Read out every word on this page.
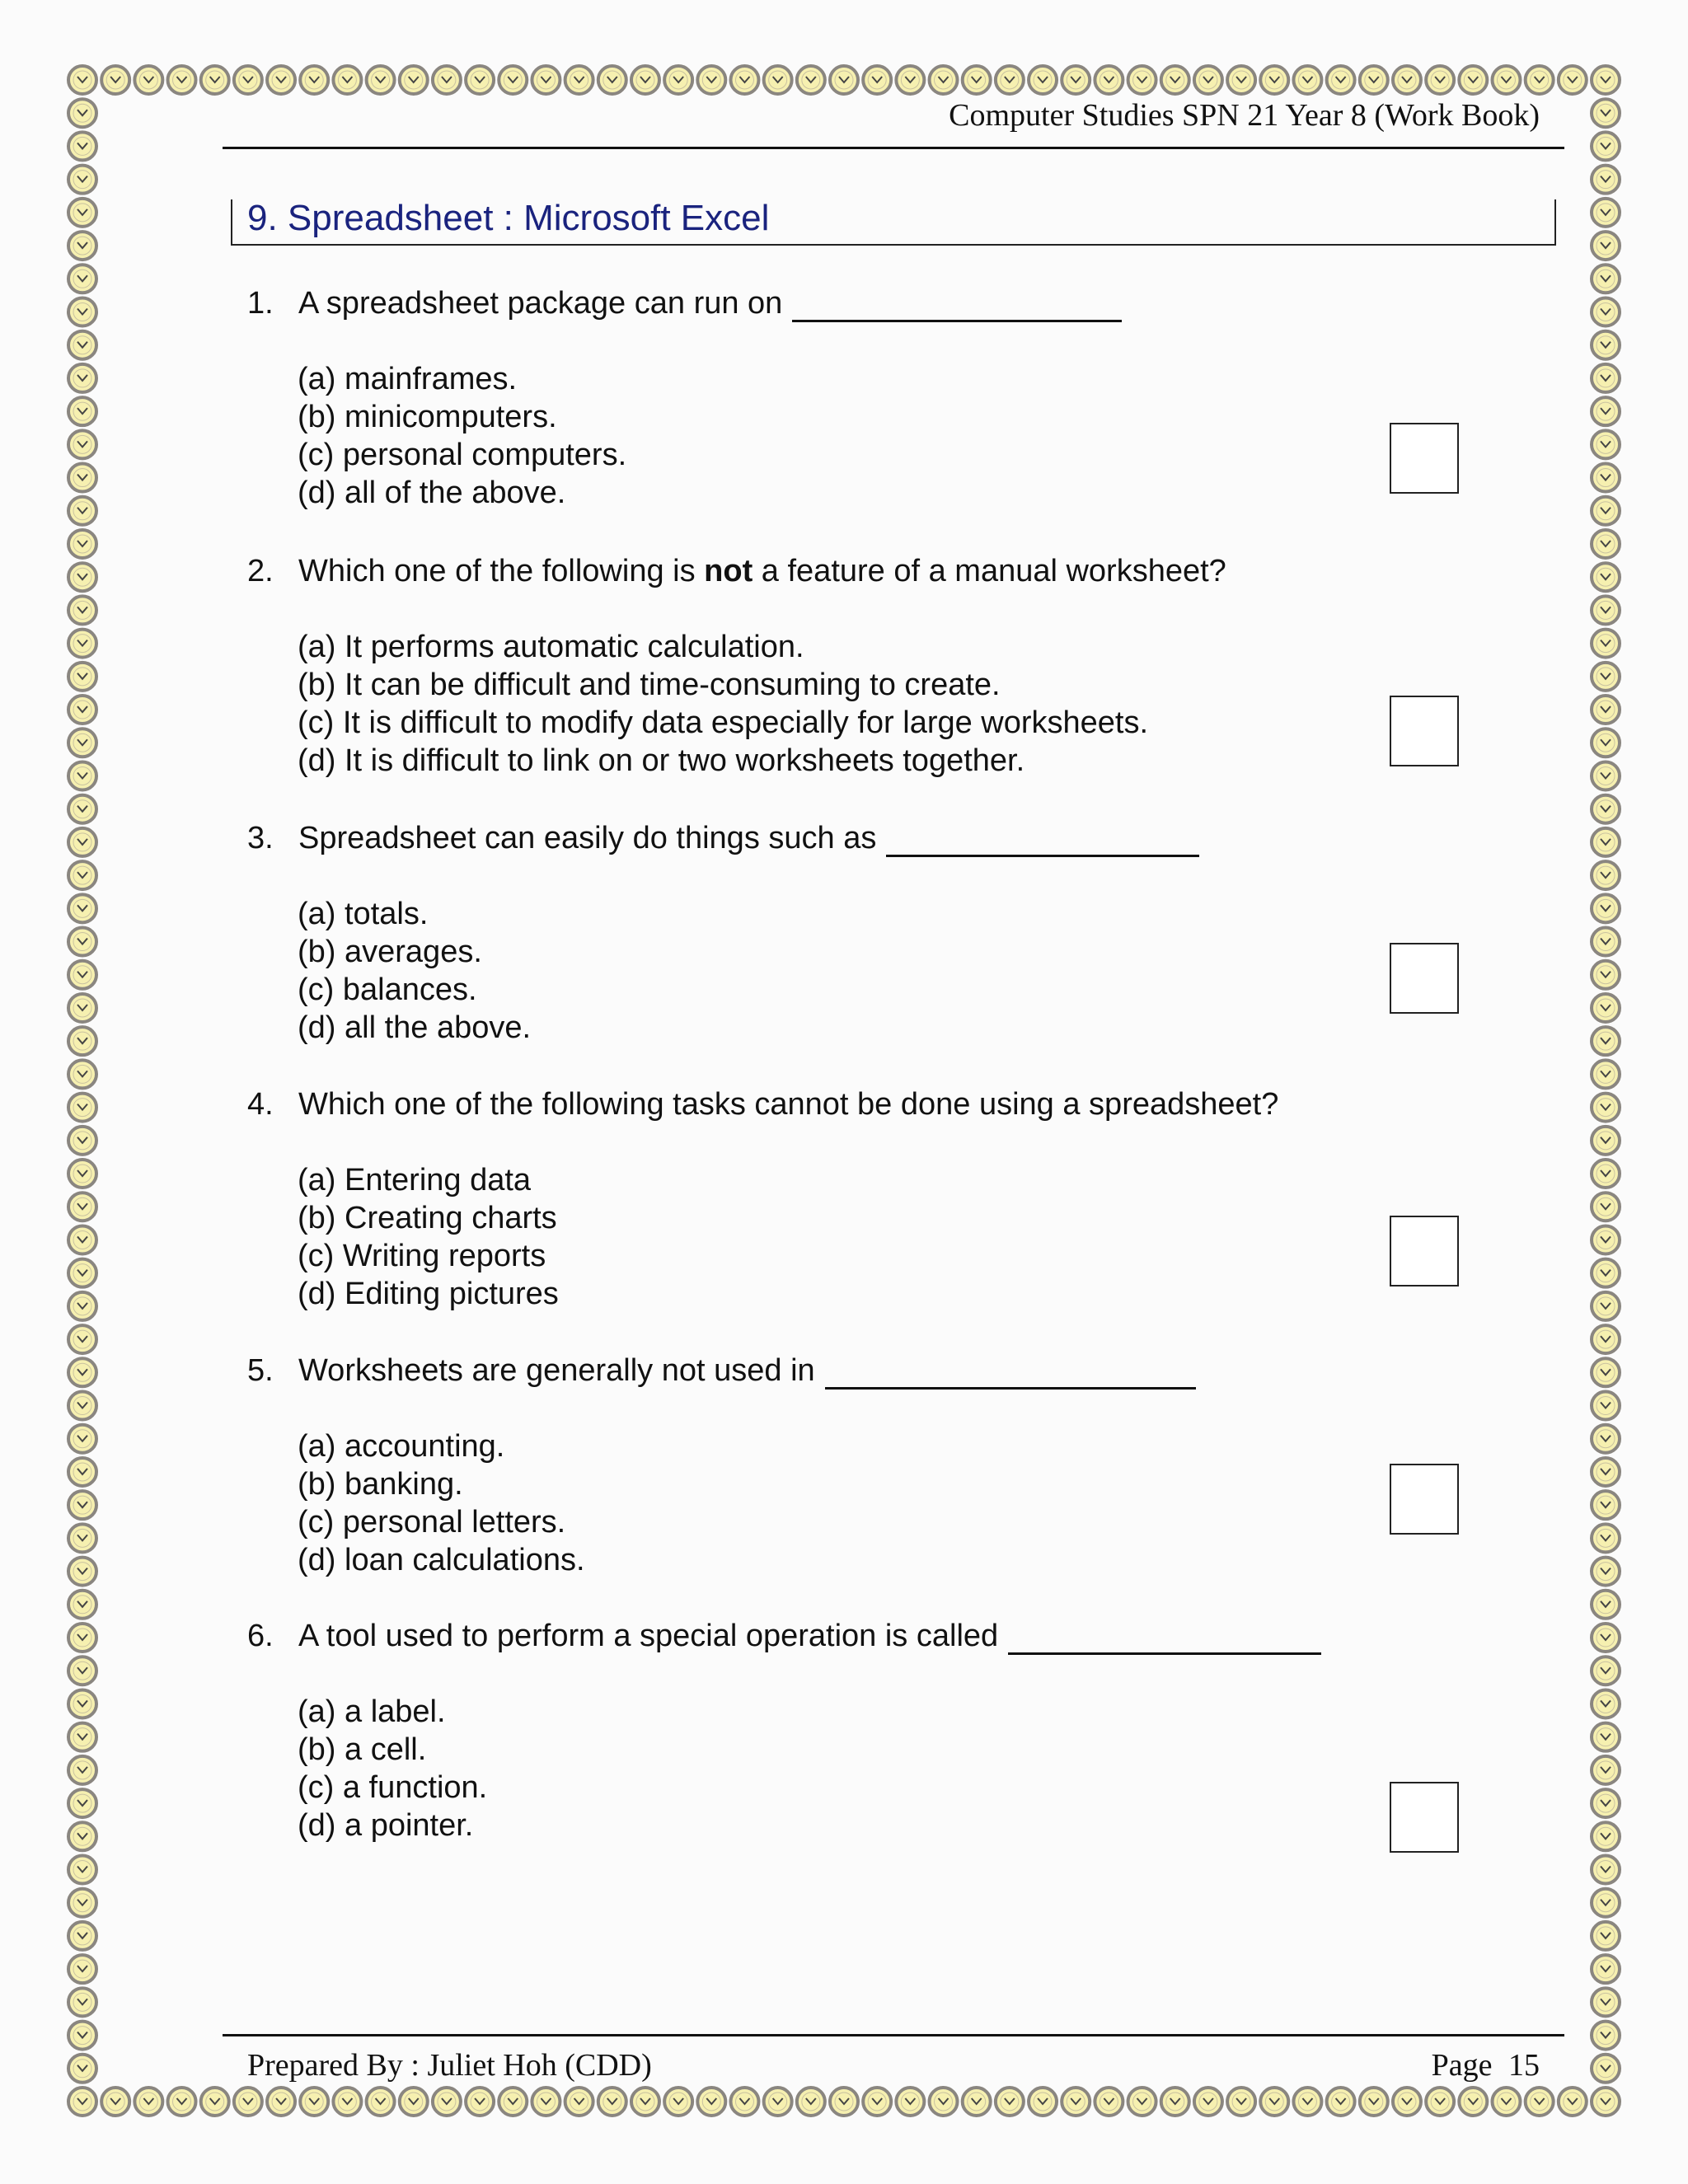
Computer Studies SPN 21 Year 8 (Work Book)
9. Spreadsheet : Microsoft Excel
1. A spreadsheet package can run on
(a) mainframes.
(b) minicomputers.
(c) personal computers.
(d) all of the above.
2. Which one of the following is not a feature of a manual worksheet?
(a) It performs automatic calculation.
(b) It can be difficult and time-consuming to create.
(c) It is difficult to modify data especially for large worksheets.
(d) It is difficult to link on or two worksheets together.
3. Spreadsheet can easily do things such as
(a) totals.
(b) averages.
(c) balances.
(d) all the above.
4. Which one of the following tasks cannot be done using a spreadsheet?
(a) Entering data
(b) Creating charts
(c) Writing reports
(d) Editing pictures
5. Worksheets are generally not used in
(a) accounting.
(b) banking.
(c) personal letters.
(d) loan calculations.
6. A tool used to perform a special operation is called
(a) a label.
(b) a cell.
(c) a function.
(d) a pointer.
Prepared By : Juliet Hoh (CDD)	Page 15
